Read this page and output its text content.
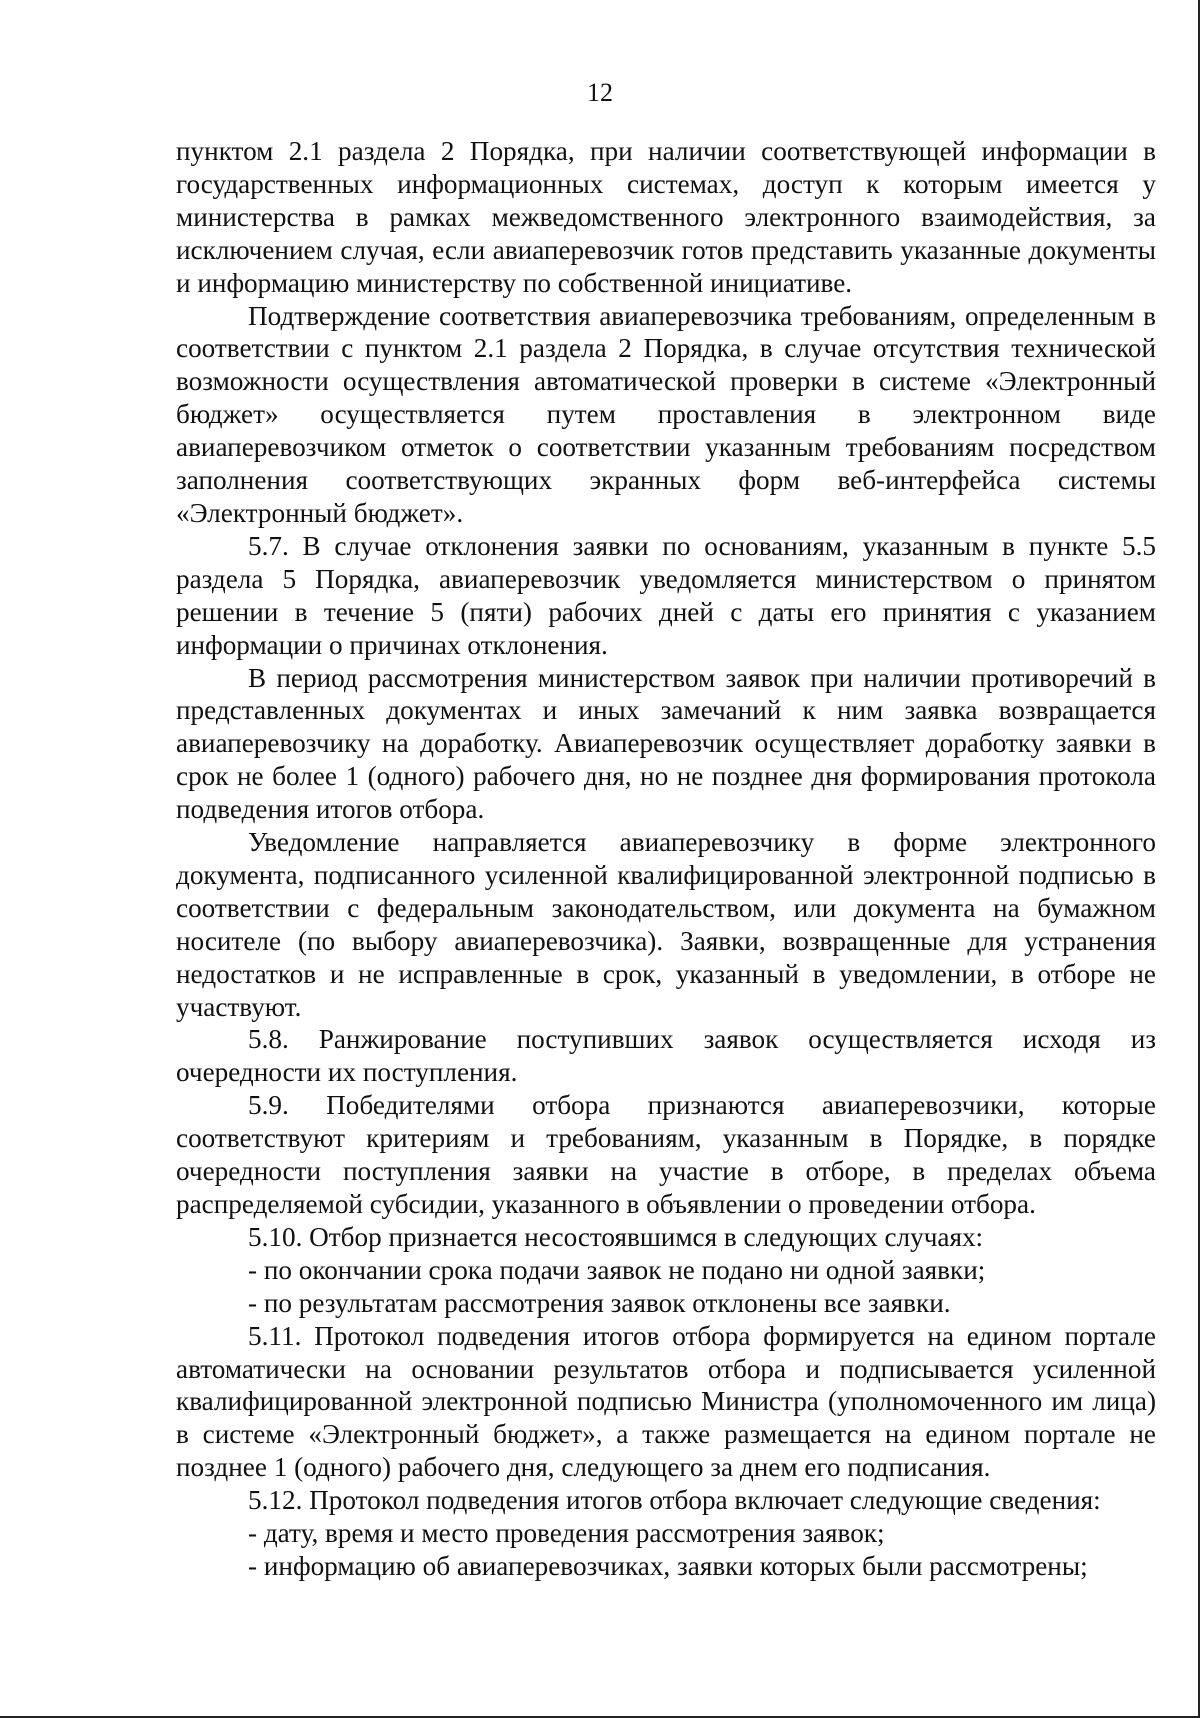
12

пунктом 2.1 раздела 2 Порядка, при наличии соответствующей информации в государственных информационных системах, доступ к которым имеется у министерства в рамках межведомственного электронного взаимодействия, за исключением случая, если авиаперевозчик готов представить указанные документы и информацию министерству по собственной инициативе.

Подтверждение соответствия авиаперевозчика требованиям, определенным в соответствии с пунктом 2.1 раздела 2 Порядка, в случае отсутствия технической возможности осуществления автоматической проверки в системе «Электронный бюджет» осуществляется путем проставления в электронном виде авиаперевозчиком отметок о соответствии указанным требованиям посредством заполнения соответствующих экранных форм веб-интерфейса системы «Электронный бюджет».

5.7. В случае отклонения заявки по основаниям, указанным в пункте 5.5 раздела 5 Порядка, авиаперевозчик уведомляется министерством о принятом решении в течение 5 (пяти) рабочих дней с даты его принятия с указанием информации о причинах отклонения.

В период рассмотрения министерством заявок при наличии противоречий в представленных документах и иных замечаний к ним заявка возвращается авиаперевозчику на доработку. Авиаперевозчик осуществляет доработку заявки в срок не более 1 (одного) рабочего дня, но не позднее дня формирования протокола подведения итогов отбора.

Уведомление направляется авиаперевозчику в форме электронного документа, подписанного усиленной квалифицированной электронной подписью в соответствии с федеральным законодательством, или документа на бумажном носителе (по выбору авиаперевозчика). Заявки, возвращенные для устранения недостатков и не исправленные в срок, указанный в уведомлении, в отборе не участвуют.

5.8. Ранжирование поступивших заявок осуществляется исходя из очередности их поступления.

5.9. Победителями отбора признаются авиаперевозчики, которые соответствуют критериям и требованиям, указанным в Порядке, в порядке очередности поступления заявки на участие в отборе, в пределах объема распределяемой субсидии, указанного в объявлении о проведении отбора.

5.10. Отбор признается несостоявшимся в следующих случаях:

- по окончании срока подачи заявок не подано ни одной заявки;

- по результатам рассмотрения заявок отклонены все заявки.

5.11. Протокол подведения итогов отбора формируется на едином портале автоматически на основании результатов отбора и подписывается усиленной квалифицированной электронной подписью Министра (уполномоченного им лица) в системе «Электронный бюджет», а также размещается на едином портале не позднее 1 (одного) рабочего дня, следующего за днем его подписания.

5.12. Протокол подведения итогов отбора включает следующие сведения:

- дату, время и место проведения рассмотрения заявок;

- информацию об авиаперевозчиках, заявки которых были рассмотрены;
